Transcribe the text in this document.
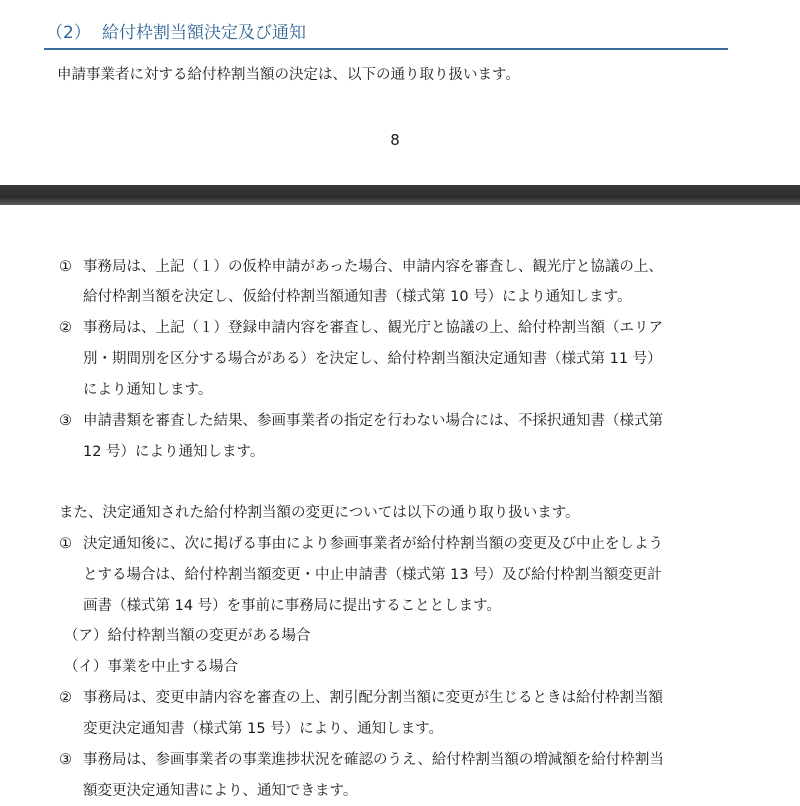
（2） 給付枠割当額決定及び通知
申請事業者に対する給付枠割当額の決定は、以下の通り取り扱います。
8
① 事務局は、上記（１）の仮枠申請があった場合、申請内容を審査し、観光庁と協議の上、
給付枠割当額を決定し、仮給付枠割当額通知書（様式第 10 号）により通知します。
② 事務局は、上記（１）登録申請内容を審査し、観光庁と協議の上、給付枠割当額（エリア
別・期間別を区分する場合がある）を決定し、給付枠割当額決定通知書（様式第 11 号）
により通知します。
③ 申請書類を審査した結果、参画事業者の指定を行わない場合には、不採択通知書（様式第
12 号）により通知します。
また、決定通知された給付枠割当額の変更については以下の通り取り扱います。
① 決定通知後に、次に掲げる事由により参画事業者が給付枠割当額の変更及び中止をしよう
とする場合は、給付枠割当額変更・中止申請書（様式第 13 号）及び給付枠割当額変更計
画書（様式第 14 号）を事前に事務局に提出することとします。
（ア）給付枠割当額の変更がある場合
（イ）事業を中止する場合
② 事務局は、変更申請内容を審査の上、割引配分割当額に変更が生じるときは給付枠割当額
変更決定通知書（様式第 15 号）により、通知します。
③ 事務局は、参画事業者の事業進捗状況を確認のうえ、給付枠割当額の増減額を給付枠割当
額変更決定通知書により、通知できます。
